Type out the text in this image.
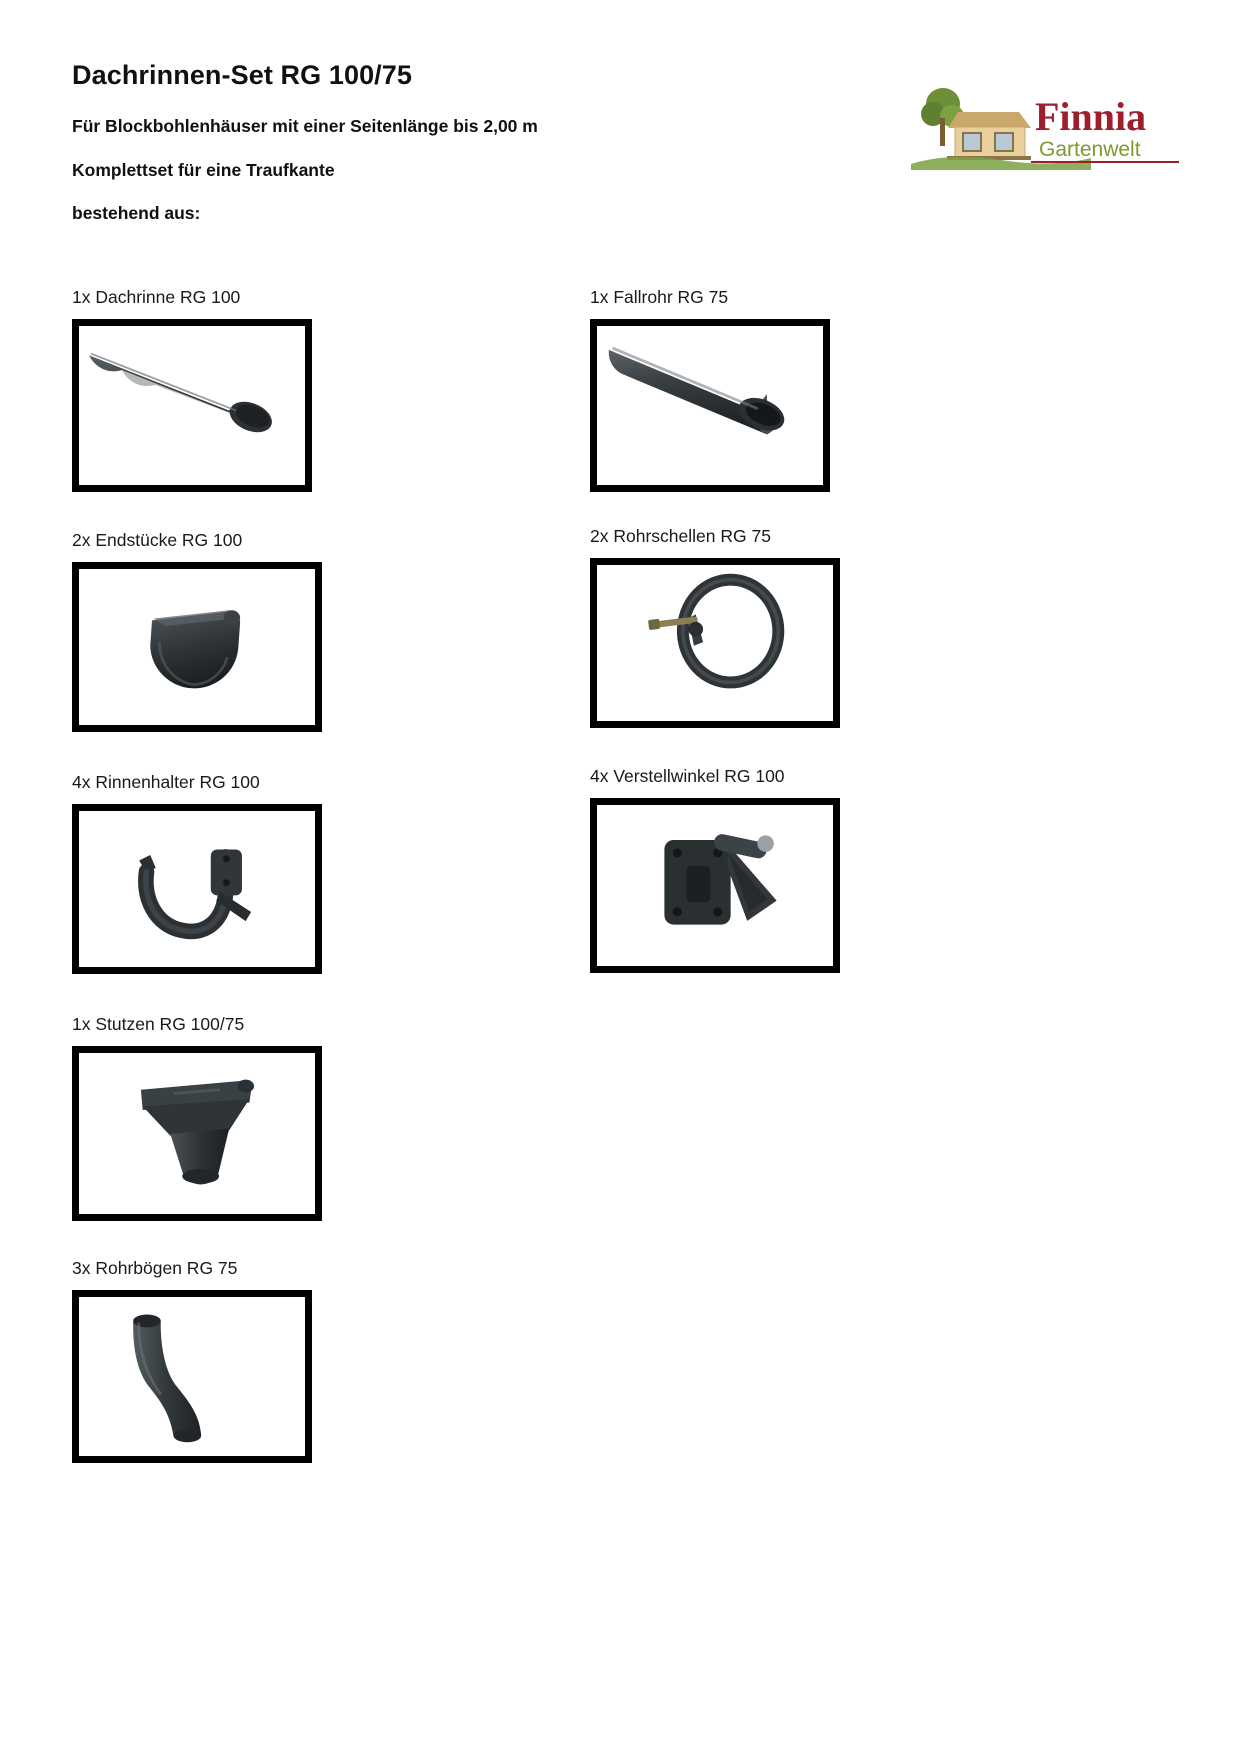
Dachrinnen-Set RG 100/75

Für Blockbohlenhäuser mit einer Seitenlänge bis 2,00 m

Komplettset für eine Traufkante

bestehend aus:

Finnia
Gartenwelt
1x Dachrinne RG 100
2x Endstücke RG 100
4x Rinnenhalter RG 100
1x Stutzen RG 100/75
3x Rohrbögen RG 75
1x Fallrohr RG 75
2x Rohrschellen RG 75
4x Verstellwinkel RG 100
